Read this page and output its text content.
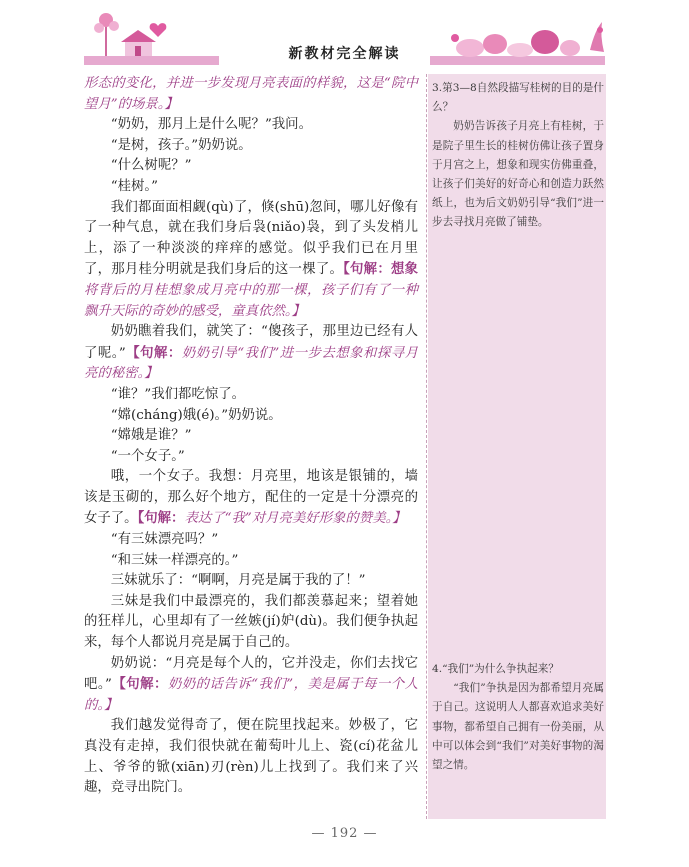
新教材完全解读

形态的变化，并进一步发现月亮表面的样貌，这是“院中望月”的场景。】

“奶奶，那月上是什么呢？”我问。

“是树，孩子。”奶奶说。

“什么树呢？”

“桂树。”

我们都面面相觑(qù)了，倏(shū)忽间，哪儿好像有了一种气息，就在我们身后袅(niǎo)袅，到了头发梢儿上，添了一种淡淡的痒痒的感觉。似乎我们已在月里了，那月桂分明就是我们身后的这一棵了。【句解：想象 将背后的月桂想象成月亮中的那一棵，孩子们有了一种飘升天际的奇妙的感受，童真依然。】

奶奶瞧着我们，就笑了：“傻孩子，那里边已经有人了呢。”【句解：奶奶引导“我们”进一步去想象和探寻月亮的秘密。】

“谁？”我们都吃惊了。

“嫦(cháng)娥(é)。”奶奶说。

“嫦娥是谁？”

“一个女子。”

哦，一个女子。我想：月亮里，地该是银铺的，墙该是玉砌的，那么好个地方，配住的一定是十分漂亮的女子了。【句解：表达了“我”对月亮美好形象的赞美。】

“有三妹漂亮吗？”

“和三妹一样漂亮的。”

三妹就乐了：“啊啊，月亮是属于我的了！”

三妹是我们中最漂亮的，我们都羡慕起来；望着她的狂样儿，心里却有了一丝嫉(jí)妒(dù)。我们便争执起来，每个人都说月亮是属于自己的。

奶奶说：“月亮是每个人的，它并没走，你们去找它吧。”【句解：奶奶的话告诉“我们”，美是属于每一个人的。】

我们越发觉得奇了，便在院里找起来。妙极了，它真没有走掉，我们很快就在葡萄叶儿上、瓷(cí)花盆儿上、爷爷的锨(xiān)刃(rèn)儿上找到了。我们来了兴趣，竞寻出院门。

3.第3—8自然段描写桂树的目的是什么？

奶奶告诉孩子月亮上有桂树，于是院子里生长的桂树仿佛让孩子置身于月宫之上，想象和现实仿佛重叠，让孩子们美好的好奇心和创造力跃然纸上，也为后文奶奶引导“我们”进一步去寻找月亮做了铺垫。

4.“我们”为什么争执起来？

“我们”争执是因为都希望月亮属于自己。这说明人人都喜欢追求美好事物，都希望自己拥有一份美丽，从中可以体会到“我们”对美好事物的渴望之情。

— 192 —
